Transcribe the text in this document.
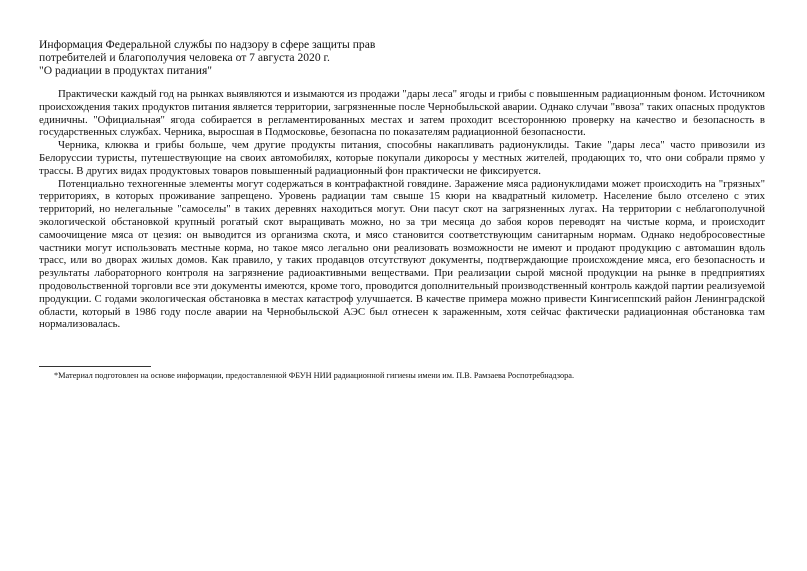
Информация Федеральной службы по надзору в сфере защиты прав
потребителей и благополучия человека от 7 августа 2020 г.
"О радиации в продуктах питания"

Практически каждый год на рынках выявляются и изымаются из продажи "дары леса" ягоды и грибы с повышенным радиационным фоном. Источником происхождения таких продуктов питания является территории, загрязненные после Чернобыльской аварии. Однако случаи "ввоза" таких опасных продуктов единичны. "Официальная" ягода собирается в регламентированных местах и затем проходит всестороннюю проверку на качество и безопасность в государственных службах. Черника, выросшая в Подмосковье, безопасна по показателям радиационной безопасности.

Черника, клюква и грибы больше, чем другие продукты питания, способны накапливать радионуклиды. Такие "дары леса" часто привозили из Белоруссии туристы, путешествующие на своих автомобилях, которые покупали дикоросы у местных жителей, продающих то, что они собрали прямо у трассы. В других видах продуктовых товаров повышенный радиационный фон практически не фиксируется.

Потенциально техногенные элементы могут содержаться в контрафактной говядине. Заражение мяса радионуклидами может происходить на "грязных" территориях, в которых проживание запрещено. Уровень радиации там свыше 15 кюри на квадратный километр. Население было отселено с этих территорий, но нелегальные "самоселы" в таких деревнях находиться могут. Они пасут скот на загрязненных лугах. На территории с неблагополучной экологической обстановкой крупный рогатый скот выращивать можно, но за три месяца до забоя коров переводят на чистые корма, и происходит самоочищение мяса от цезия: он выводится из организма скота, и мясо становится соответствующим санитарным нормам. Однако недобросовестные частники могут использовать местные корма, но такое мясо легально они реализовать возможности не имеют и продают продукцию с автомашин вдоль трасс, или во дворах жилых домов. Как правило, у таких продавцов отсутствуют документы, подтверждающие происхождение мяса, его безопасность и результаты лабораторного контроля на загрязнение радиоактивными веществами. При реализации сырой мясной продукции на рынке в предприятиях продовольственной торговли все эти документы имеются, кроме того, проводится дополнительный производственный контроль каждой партии реализуемой продукции. С годами экологическая обстановка в местах катастроф улучшается. В качестве примера можно привести Кингисеппский район Ленинградской области, который в 1986 году после аварии на Чернобыльской АЭС был отнесен к зараженным, хотя сейчас фактически радиационная обстановка там нормализовалась.

*Материал подготовлен на основе информации, предоставленной ФБУН НИИ радиационной гигиены имени им. П.В. Рамзаева Роспотребнадзора.
